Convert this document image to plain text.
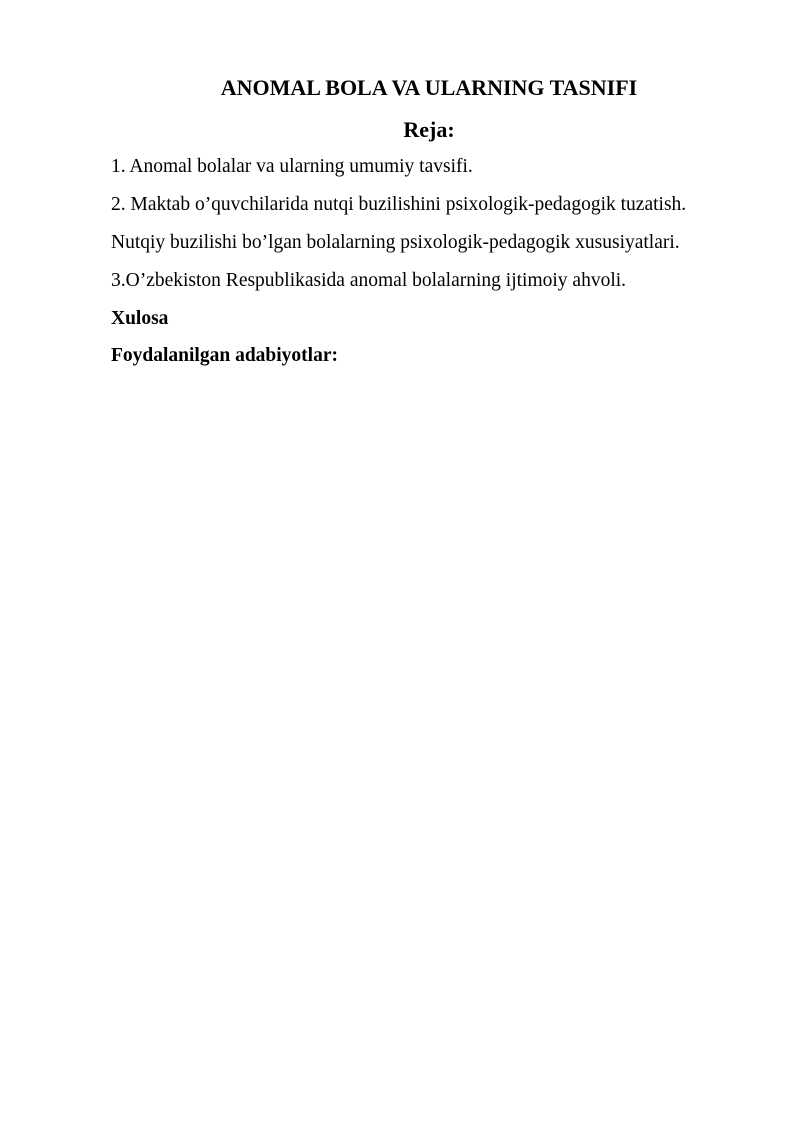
ANOMAL BOLA VA ULARNING TASNIFI
Reja:
1. Anomal bolalar va ularning umumiy tavsifi.
2. Maktab o’quvchilarida nutqi buzilishini psixologik-pedagogik tuzatish.
Nutqiy buzilishi bo’lgan bolalarning psixologik-pedagogik xususiyatlari.
3.O’zbekiston Respublikasida anomal bolalarning ijtimoiy ahvoli.
Xulosa
Foydalanilgan adabiyotlar:
